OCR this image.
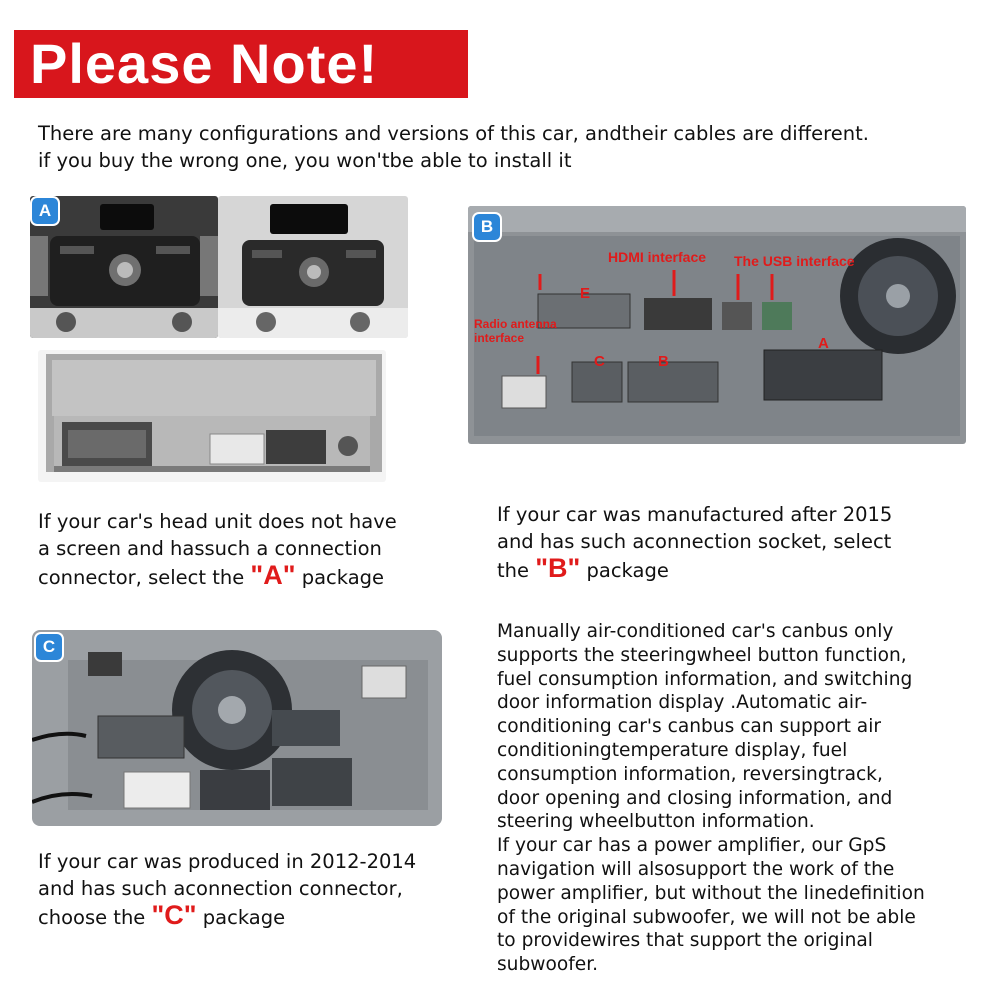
Please Note!
There are many configurations and versions of this car, andtheir cables are different.
if you buy the wrong one, you won'tbe able to install it
A
HDMI interface The USB interface
Radio antenna
interface
E
C	B
A
B
C
If your car's head unit does not have
a screen and hassuch a connection
connector, select the "A" package
If your car was manufactured after 2015
and has such aconnection socket, select
the "B" package
If your car was produced in 2012-2014
and has such aconnection connector,
choose the "C" package
Manually air-conditioned car's canbus only
supports the steeringwheel button function,
fuel consumption information, and switching
door information display .Automatic air-
conditioning car's canbus can support air
conditioningtemperature display, fuel
consumption information, reversingtrack,
door opening and closing information, and
steering wheelbutton information.
If your car has a power amplifier, our GpS
navigation will alsosupport the work of the
power amplifier, but without the linedefinition
of the original subwoofer, we will not be able
to providewires that support the original
subwoofer.
